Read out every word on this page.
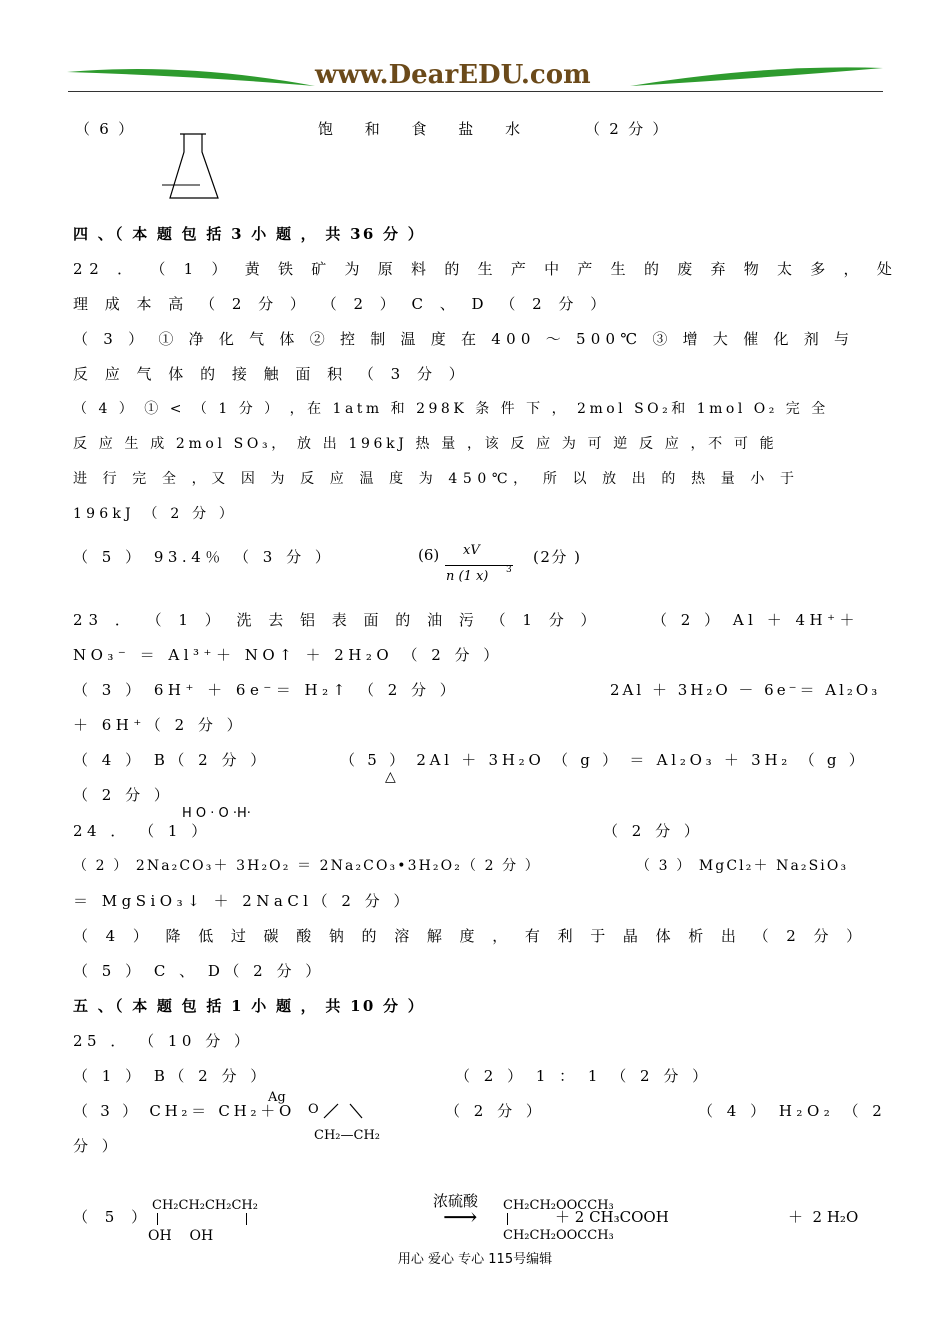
www.DearEDU.com
（ 6 ）	饱 和 食 盐 水	（ 2 分 ）
四 、（ 本 题 包 括 3 小 题 ， 共 36 分 ）
22 ． （ 1 ） 黄 铁 矿 为 原 料 的 生 产 中 产 生 的 废 弃 物 太 多 ， 处
理 成 本 高 （ 2 分 ） （ 2 ） C 、 D （ 2 分 ）
（ 3 ） ① 净 化 气 体 ② 控 制 温 度 在 400 ～ 500℃ ③ 增 大 催 化 剂 与
反 应 气 体 的 接 触 面 积 （ 3 分 ）
（ 4 ） ① < （ 1 分 ） ，在 1atm 和 298K 条 件 下 ， 2mol SO₂和 1mol O₂ 完 全
反 应 生 成 2mol SO₃， 放 出 196kJ 热 量 ，该 反 应 为 可 逆 反 应 ，不 可 能
进 行 完 全 ，又 因 为 反 应 温 度 为 450℃， 所 以 放 出 的 热 量 小 于
196kJ （ 2 分 ）
（ 5 ） 93.4％ （ 3 分 ）	(6) xV
n (1 x) 3
(2分 )
23 ． （ 1 ） 洗 去 铝 表 面 的 油 污 （ 1 分 ）	（ 2 ） Al ＋ 4H⁺＋
NO₃⁻ ＝ Al³⁺＋ NO↑ ＋ 2H₂O （ 2 分 ）
（ 3 ） 6H⁺ ＋ 6e⁻＝ H₂↑ （ 2 分 ）	2Al ＋ 3H₂O － 6e⁻＝ Al₂O₃
＋ 6H⁺（ 2 分 ）
（ 4 ） B（ 2 分 ）	（ 5 ） 2Al ＋ 3H₂O （ g ） ＝ Al₂O₃ ＋ 3H₂ （ g ）
△
（ 2 分 ）
H O · O ·H·
24 ． （ 1 ）	（ 2 分 ）
（ 2 ） 2Na₂CO₃＋ 3H₂O₂ ＝ 2Na₂CO₃•3H₂O₂（ 2 分 ）	（ 3 ） MgCl₂＋ Na₂SiO₃
＝ MgSiO₃↓ ＋ 2NaCl（ 2 分 ）
（ 4 ） 降 低 过 碳 酸 钠 的 溶 解 度 ， 有 利 于 晶 体 析 出 （ 2 分 ）
（ 5 ） C 、 D（ 2 分 ）
五 、（ 本 题 包 括 1 小 题 ， 共 10 分 ）
25 ． （ 10 分 ）
（ 1 ） B（ 2 分 ）	（ 2 ） 1 ： 1 （ 2 分 ）
（ 3 ） CH₂＝ CH₂＋O
Ag
O
CH₂—CH₂
（ 2 分 ）	（ 4 ） H₂O₂ （ 2
分 ）
（ 5 ）
CH₂CH₂CH₂CH₂
OH    OH
浓硫酸
⟶ CH₂CH₂OOCCH₃
CH₂CH₂OOCCH₃
＋ 2 CH₃COOH	＋  2 H₂O
用心 爱心 专心 115号编辑
